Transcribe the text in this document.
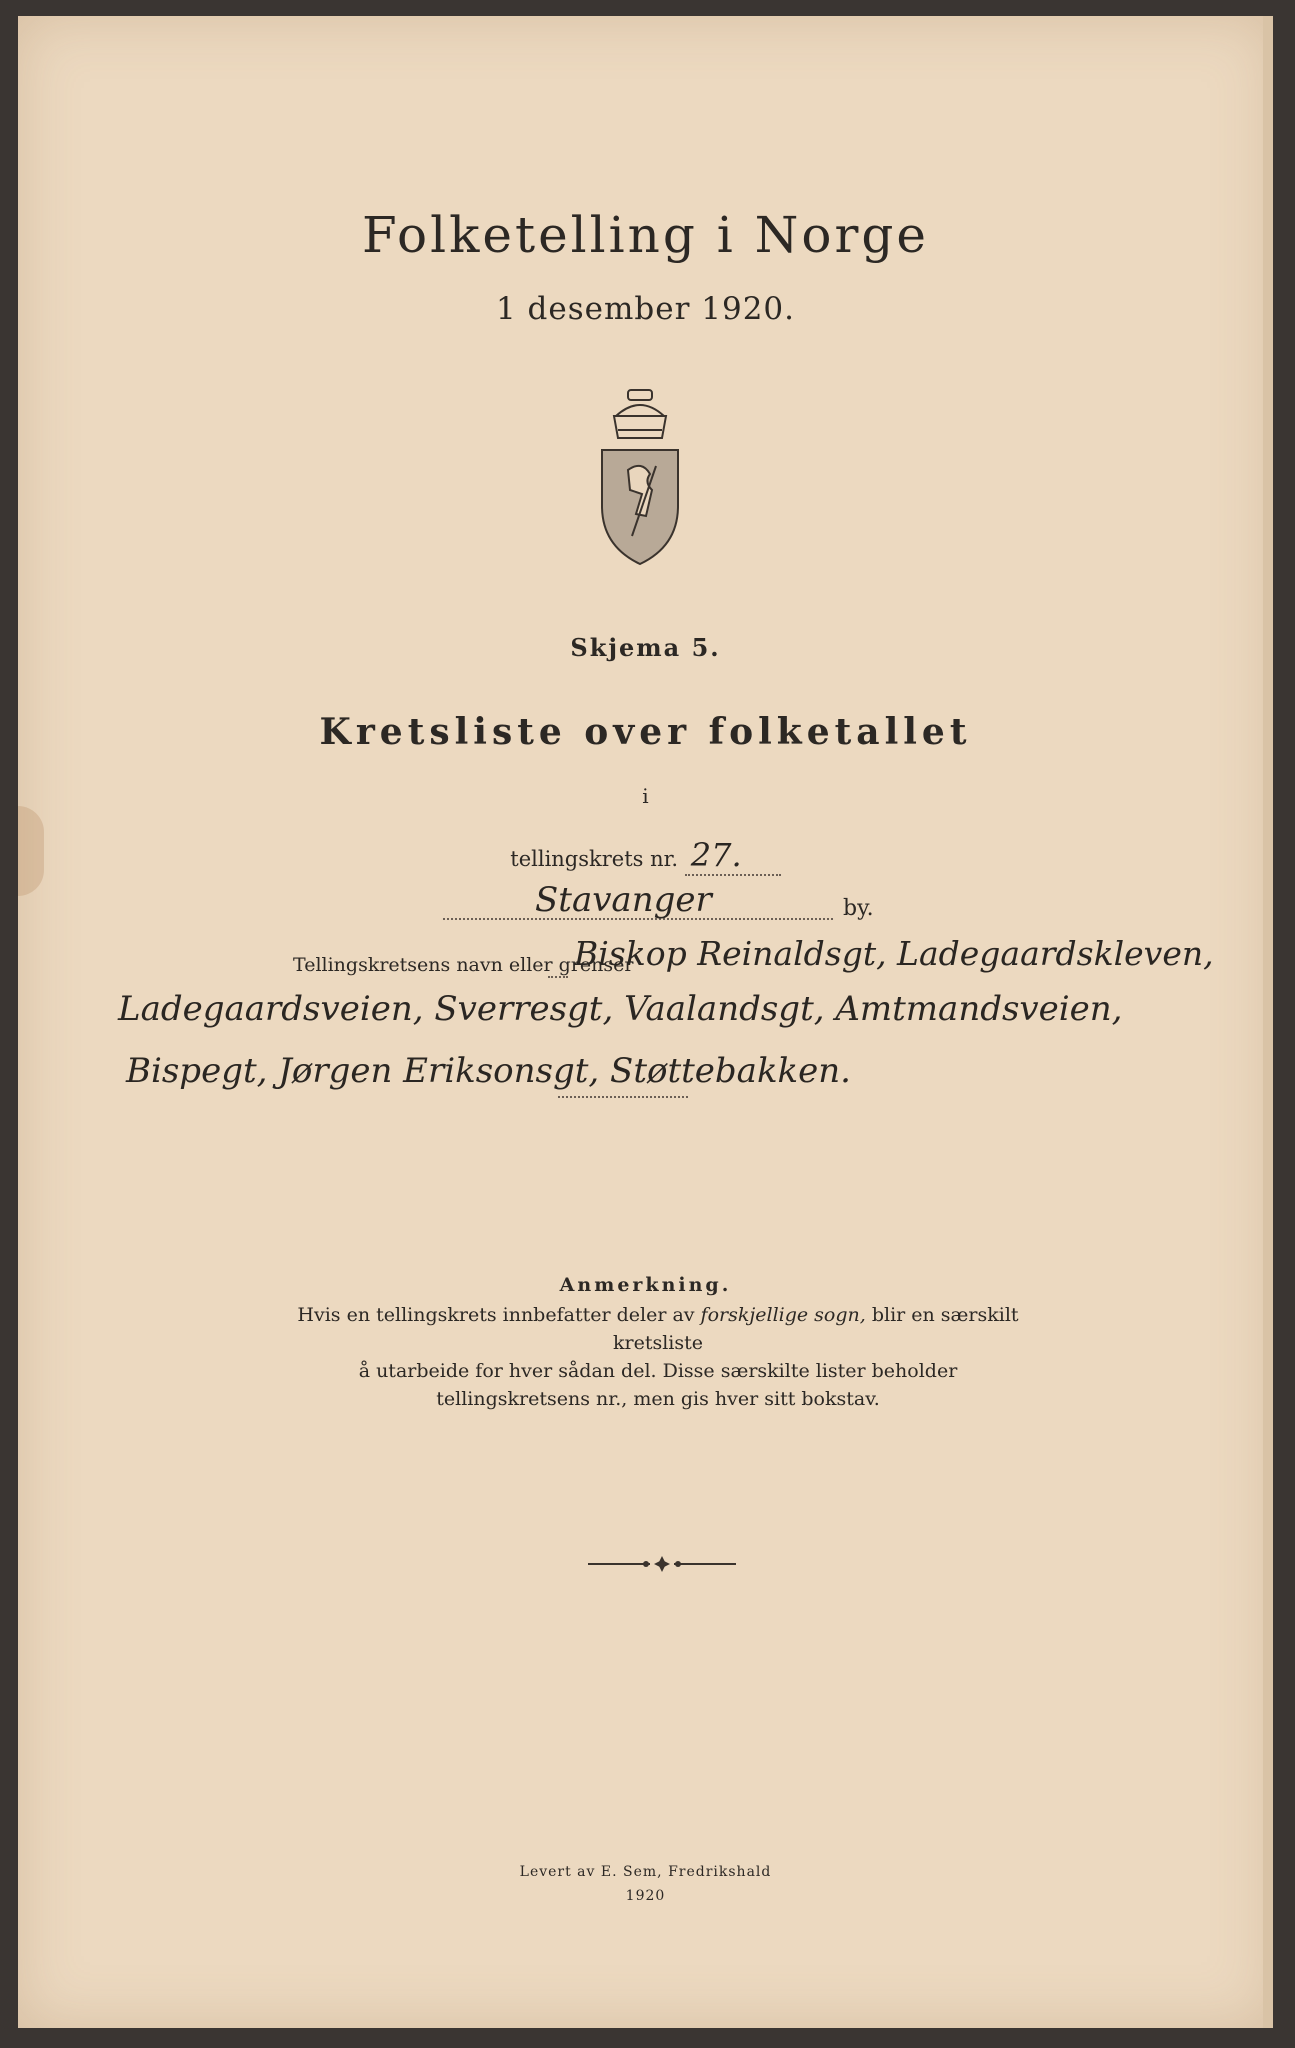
Folketelling i Norge
1 desember 1920.
Skjema 5.
Kretsliste over folketallet
i
tellingskrets nr. 27.
Stavanger	by.
Tellingskretsens navn eller grenser
Biskop Reinaldsgt, Ladegaardskleven,
Ladegaardsveien, Sverresgt, Vaalandsgt, Amtmandsveien,
Bispegt, Jørgen Eriksonsgt, Støttebakken.
Anmerkning.
Hvis en tellingskrets innbefatter deler av forskjellige sogn, blir en særskilt kretsliste
å utarbeide for hver sådan del. Disse særskilte lister beholder
tellingskretsens nr., men gis hver sitt bokstav.
Levert av E. Sem, Fredrikshald
1920
